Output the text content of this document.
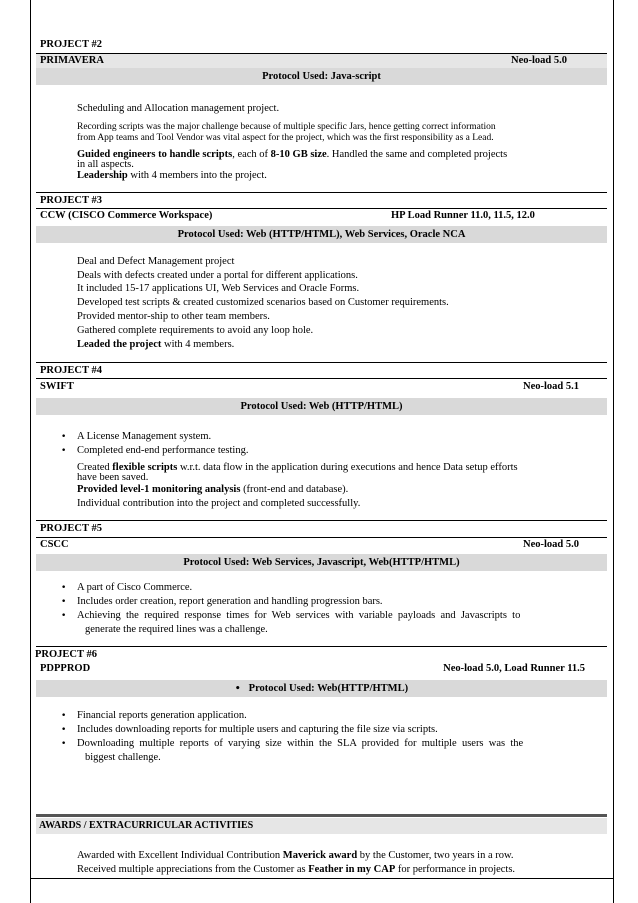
PROJECT #2
PRIMAVERA	Neo-load 5.0
Protocol Used: Java-script
Scheduling and Allocation management project.
Recording scripts was the major challenge because of multiple specific Jars, hence getting correct information
from App teams and Tool Vendor was vital aspect for the project, which was the first responsibility as a Lead.
Guided engineers to handle scripts, each of 8-10 GB size. Handled the same and completed projects
in all aspects.
Leadership with 4 members into the project.
PROJECT #3
CCW (CISCO Commerce Workspace)	HP Load Runner 11.0, 11.5, 12.0
Protocol Used: Web (HTTP/HTML), Web Services, Oracle NCA
Deal and Defect Management project
Deals with defects created under a portal for different applications.
It included 15-17 applications UI, Web Services and Oracle Forms.
Developed test scripts & created customized scenarios based on Customer requirements.
Provided mentor-ship to other team members.
Gathered complete requirements to avoid any loop hole.
Leaded the project with 4 members.
PROJECT #4
SWIFT	Neo-load 5.1
Protocol Used: Web (HTTP/HTML)
•	A License Management system.
•	Completed end-end performance testing.
Created flexible scripts w.r.t. data flow in the application during executions and hence Data setup efforts
have been saved.
Provided level-1 monitoring analysis (front-end and database).
Individual contribution into the project and completed successfully.
PROJECT #5
CSCC	Neo-load 5.0
Protocol Used: Web Services, Javascript, Web(HTTP/HTML)
•	A part of Cisco Commerce.
•	Includes order creation, report generation and handling progression bars.
•	Achieving  the  required  response  times  for  Web  services  with  variable  payloads  and  Javascripts  to
generate the required lines was a challenge.
PROJECT #6
PDPPROD	Neo-load 5.0, Load Runner 11.5
• Protocol Used: Web(HTTP/HTML)
•	Financial reports generation application.
•	Includes downloading reports for multiple users and capturing the file size via scripts.
•	Downloading  multiple  reports  of  varying  size  within  the  SLA  provided  for  multiple  users  was  the
biggest challenge.
AWARDS / EXTRACURRICULAR ACTIVITIES
Awarded with Excellent Individual Contribution Maverick award by the Customer, two years in a row.
Received multiple appreciations from the Customer as Feather in my CAP for performance in projects.
